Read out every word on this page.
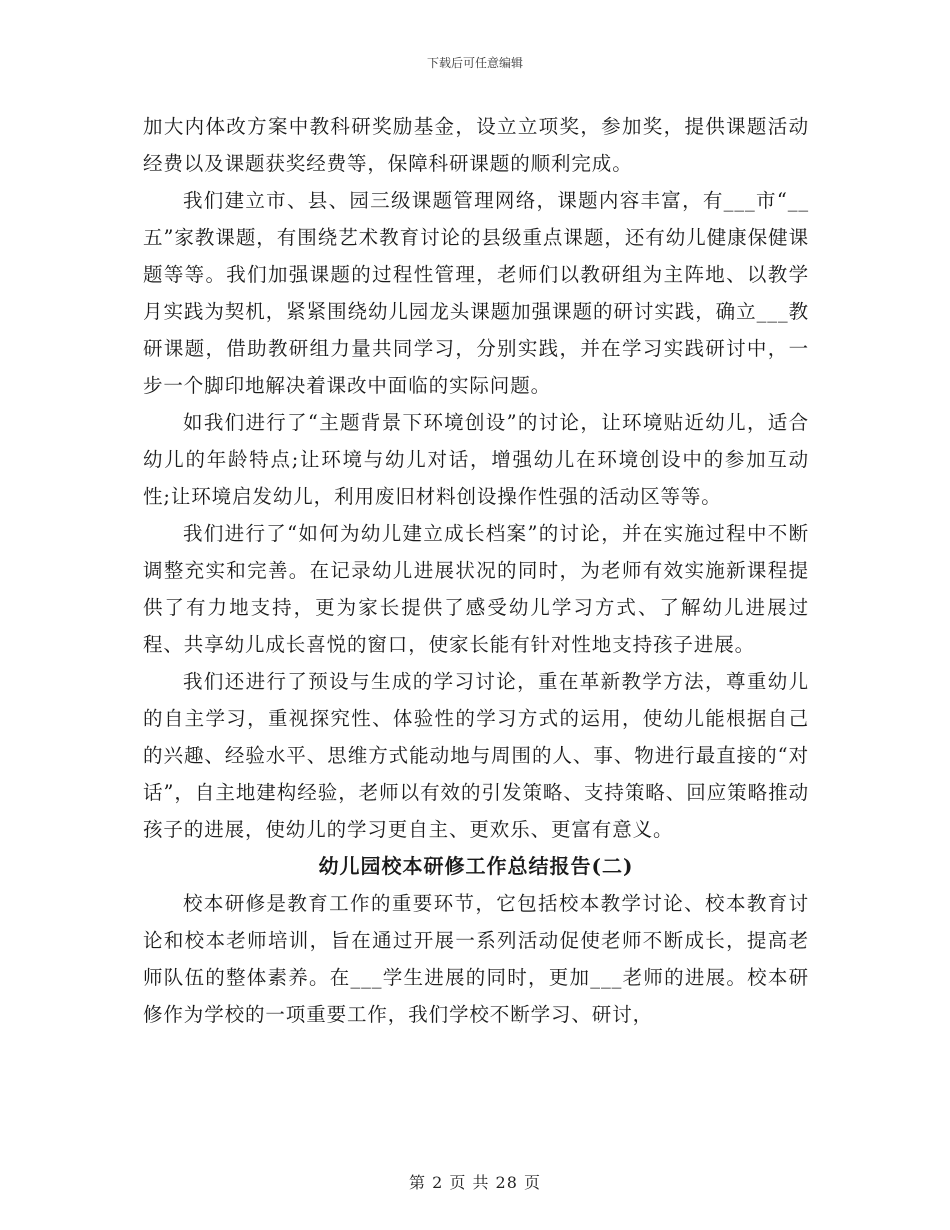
下载后可任意编辑

加大内体改方案中教科研奖励基金，设立立项奖，参加奖，提供课题活动经费以及课题获奖经费等，保障科研课题的顺利完成。

我们建立市、县、园三级课题管理网络，课题内容丰富，有___市“__五”家教课题，有围绕艺术教育讨论的县级重点课题，还有幼儿健康保健课题等等。我们加强课题的过程性管理，老师们以教研组为主阵地、以教学月实践为契机，紧紧围绕幼儿园龙头课题加强课题的研讨实践，确立___教研课题，借助教研组力量共同学习，分别实践，并在学习实践研讨中，一步一个脚印地解决着课改中面临的实际问题。

如我们进行了“主题背景下环境创设”的讨论，让环境贴近幼儿，适合幼儿的年龄特点;让环境与幼儿对话，增强幼儿在环境创设中的参加互动性;让环境启发幼儿，利用废旧材料创设操作性强的活动区等等。

我们进行了“如何为幼儿建立成长档案”的讨论，并在实施过程中不断调整充实和完善。在记录幼儿进展状况的同时，为老师有效实施新课程提供了有力地支持，更为家长提供了感受幼儿学习方式、了解幼儿进展过程、共享幼儿成长喜悦的窗口，使家长能有针对性地支持孩子进展。

我们还进行了预设与生成的学习讨论，重在革新教学方法，尊重幼儿的自主学习，重视探究性、体验性的学习方式的运用，使幼儿能根据自己的兴趣、经验水平、思维方式能动地与周围的人、事、物进行最直接的“对话”，自主地建构经验，老师以有效的引发策略、支持策略、回应策略推动孩子的进展，使幼儿的学习更自主、更欢乐、更富有意义。

幼儿园校本研修工作总结报告(二)

校本研修是教育工作的重要环节，它包括校本教学讨论、校本教育讨论和校本老师培训，旨在通过开展一系列活动促使老师不断成长，提高老师队伍的整体素养。在___学生进展的同时，更加___老师的进展。校本研修作为学校的一项重要工作，我们学校不断学习、研讨，

第 2 页 共 28 页
